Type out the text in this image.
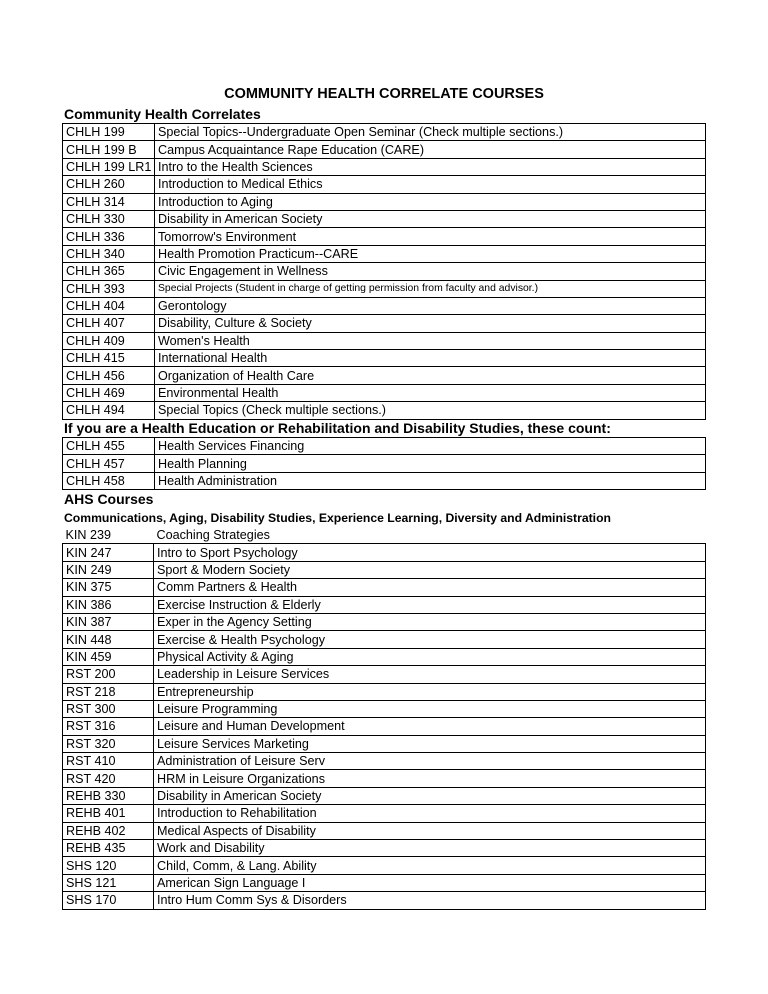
COMMUNITY HEALTH CORRELATE COURSES
Community Health Correlates
CHLH 199	Special Topics--Undergraduate Open Seminar (Check multiple sections.)
CHLH 199 B	Campus Acquaintance Rape Education (CARE)
CHLH 199 LR1	Intro to the Health Sciences
CHLH 260	Introduction to Medical Ethics
CHLH 314	Introduction to Aging
CHLH 330	Disability in American Society
CHLH 336	Tomorrow's Environment
CHLH 340	Health Promotion Practicum--CARE
CHLH 365	Civic Engagement in Wellness
CHLH 393	Special Projects (Student in charge of getting permission from faculty and advisor.)
CHLH 404	Gerontology
CHLH 407	Disability, Culture & Society
CHLH 409	Women's Health
CHLH 415	International Health
CHLH 456	Organization of Health Care
CHLH 469	Environmental Health
CHLH 494	Special Topics (Check multiple sections.)
If you are a Health Education or Rehabilitation and Disability Studies, these count:
CHLH 455	Health Services Financing
CHLH 457	Health Planning
CHLH 458	Health Administration
AHS Courses
Communications, Aging, Disability Studies, Experience Learning, Diversity and Administration
KIN 239	Coaching Strategies
KIN 247	Intro to Sport Psychology
KIN 249	Sport & Modern Society
KIN 375	Comm Partners & Health
KIN 386	Exercise Instruction & Elderly
KIN 387	Exper in the Agency Setting
KIN 448	Exercise & Health Psychology
KIN 459	Physical Activity & Aging
RST 200	Leadership in Leisure Services
RST 218	Entrepreneurship
RST 300	Leisure Programming
RST 316	Leisure and Human Development
RST 320	Leisure Services Marketing
RST 410	Administration of Leisure Serv
RST 420	HRM in Leisure Organizations
REHB 330	Disability in American Society
REHB 401	Introduction to Rehabilitation
REHB 402	Medical Aspects of Disability
REHB 435	Work and Disability
SHS 120	Child, Comm, & Lang. Ability
SHS 121	American Sign Language I
SHS 170	Intro Hum Comm Sys & Disorders
